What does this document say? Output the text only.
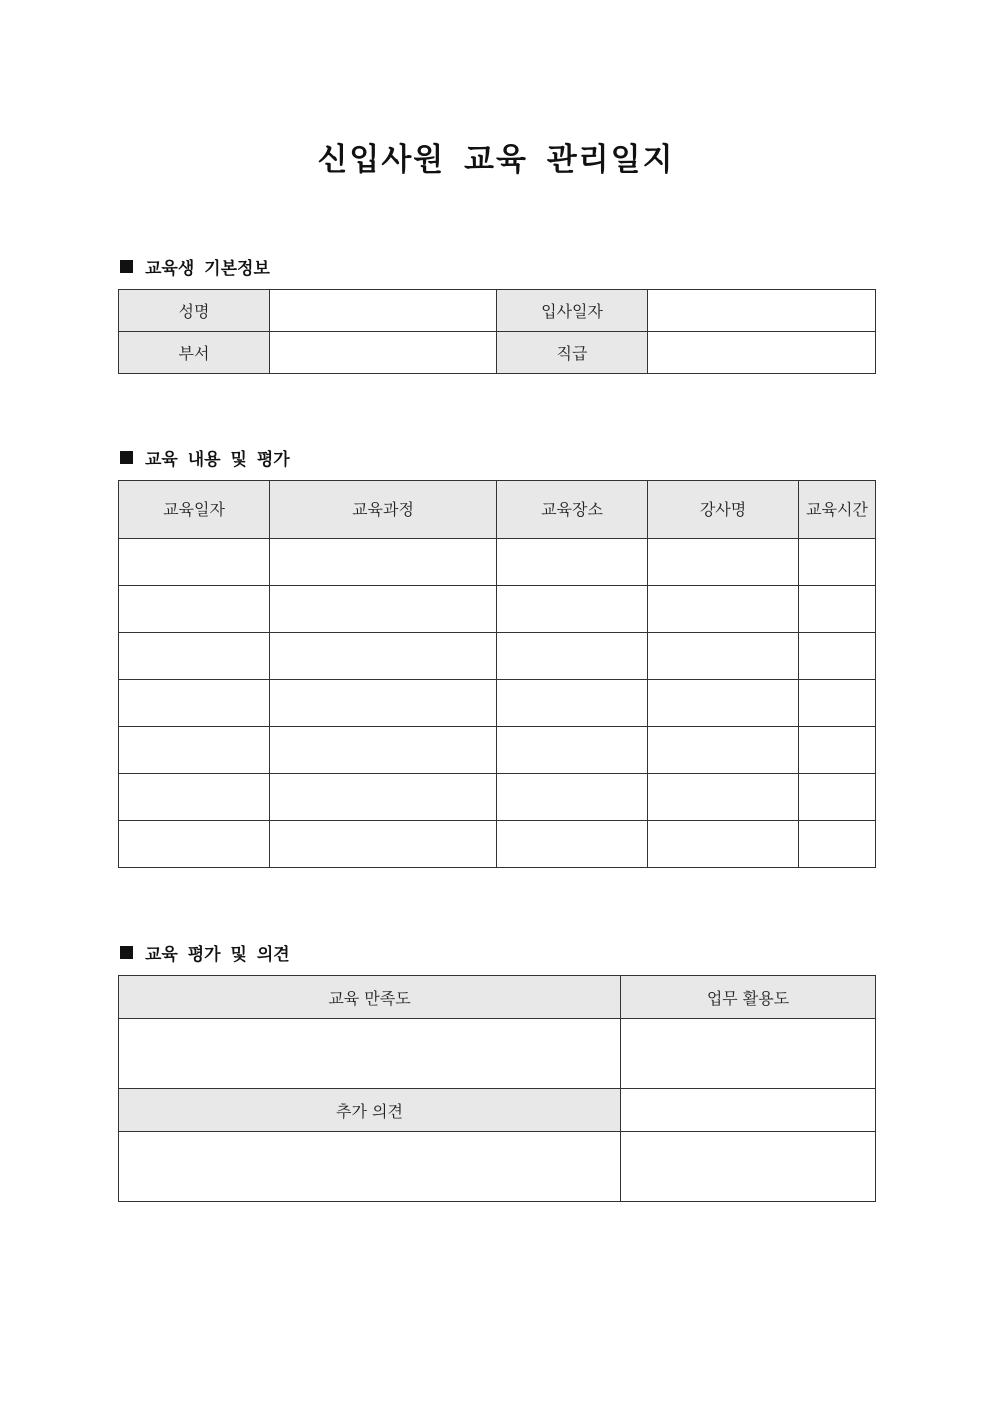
신입사원 교육 관리일지
교육생 기본정보
성명		입사일자	
부서		직급	
교육 내용 및 평가
교육일자	교육과정	교육장소	강사명	교육시간

교육 평가 및 의견
교육 만족도	업무 활용도

추가 의견	
